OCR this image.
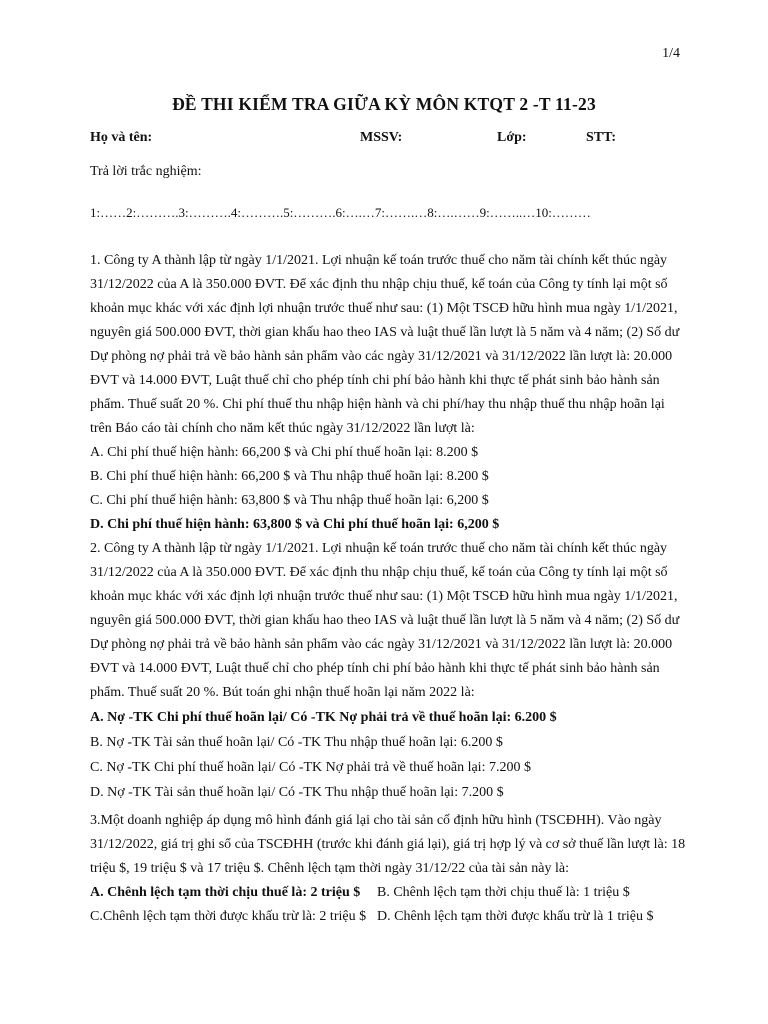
1/4
ĐỀ THI KIỂM TRA GIỮA KỲ MÔN KTQT 2 -T 11-23
Họ và tên:	MSSV:	Lớp:	STT:
Trả lời trắc nghiệm:
1:……2:……….3:……….4:……….5:……….6:….…7:…….…8:….……9:……..…10:………
1. Công ty A thành lập từ ngày 1/1/2021. Lợi nhuận kế toán trước thuế cho năm tài chính kết thúc ngày
31/12/2022 của A là 350.000 ĐVT. Để xác định thu nhập chịu thuế, kế toán của Công ty tính lại một số
khoản mục khác với xác định lợi nhuận trước thuế như sau: (1) Một TSCĐ hữu hình mua ngày 1/1/2021,
nguyên giá 500.000 ĐVT, thời gian khấu hao theo IAS và luật thuế lần lượt là 5 năm và 4 năm; (2) Số dư
Dự phòng nợ phải trả về bảo hành sản phẩm vào các ngày 31/12/2021 và 31/12/2022 lần lượt là: 20.000
ĐVT và 14.000 ĐVT, Luật thuế chỉ cho phép tính chi phí bảo hành khi thực tế phát sinh bảo hành sản
phẩm. Thuế suất 20 %. Chi phí thuế thu nhập hiện hành và chi phí/hay thu nhập thuế thu nhập hoãn lại
trên Báo cáo tài chính cho năm kết thúc ngày 31/12/2022 lần lượt là:
A. Chi phí thuế hiện hành: 66,200 $ và Chi phí thuế hoãn lại: 8.200 $
B. Chi phí thuế hiện hành: 66,200 $ và Thu nhập thuế hoãn lại: 8.200 $
C. Chi phí thuế hiện hành: 63,800 $ và Thu nhập thuế hoãn lại: 6,200 $
D. Chi phí thuế hiện hành: 63,800 $ và Chi phí thuế hoãn lại: 6,200 $
2. Công ty A thành lập từ ngày 1/1/2021. Lợi nhuận kế toán trước thuế cho năm tài chính kết thúc ngày
31/12/2022 của A là 350.000 ĐVT. Để xác định thu nhập chịu thuế, kế toán của Công ty tính lại một số
khoản mục khác với xác định lợi nhuận trước thuế như sau: (1) Một TSCĐ hữu hình mua ngày 1/1/2021,
nguyên giá 500.000 ĐVT, thời gian khấu hao theo IAS và luật thuế lần lượt là 5 năm và 4 năm; (2) Số dư
Dự phòng nợ phải trả về bảo hành sản phẩm vào các ngày 31/12/2021 và 31/12/2022 lần lượt là: 20.000
ĐVT và 14.000 ĐVT, Luật thuế chỉ cho phép tính chi phí bảo hành khi thực tế phát sinh bảo hành sản
phẩm. Thuế suất 20 %. Bút toán ghi nhận thuế hoãn lại năm 2022 là:
A. Nợ -TK Chi phí thuế hoãn lại/ Có -TK Nợ phải trả về thuế hoãn lại: 6.200 $
B. Nợ -TK Tài sản thuế hoãn lại/ Có -TK Thu nhập thuế hoãn lại: 6.200 $
C. Nợ -TK Chi phí thuế hoãn lại/ Có -TK Nợ phải trả về thuế hoãn lại: 7.200 $
D. Nợ -TK Tài sản thuế hoãn lại/ Có -TK Thu nhập thuế hoãn lại: 7.200 $
3.Một doanh nghiệp áp dụng mô hình đánh giá lại cho tài sản cố định hữu hình (TSCĐHH). Vào ngày
31/12/2022, giá trị ghi sổ của TSCĐHH (trước khi đánh giá lại), giá trị hợp lý và cơ sở thuế lần lượt là: 18
triệu $, 19 triệu $ và 17 triệu $. Chênh lệch tạm thời ngày 31/12/22 của tài sản này là:
A. Chênh lệch tạm thời chịu thuế là: 2 triệu $ B. Chênh lệch tạm thời chịu thuế là: 1 triệu $
C.Chênh lệch tạm thời được khấu trừ là: 2 triệu $ D. Chênh lệch tạm thời được khấu trừ là 1 triệu $
